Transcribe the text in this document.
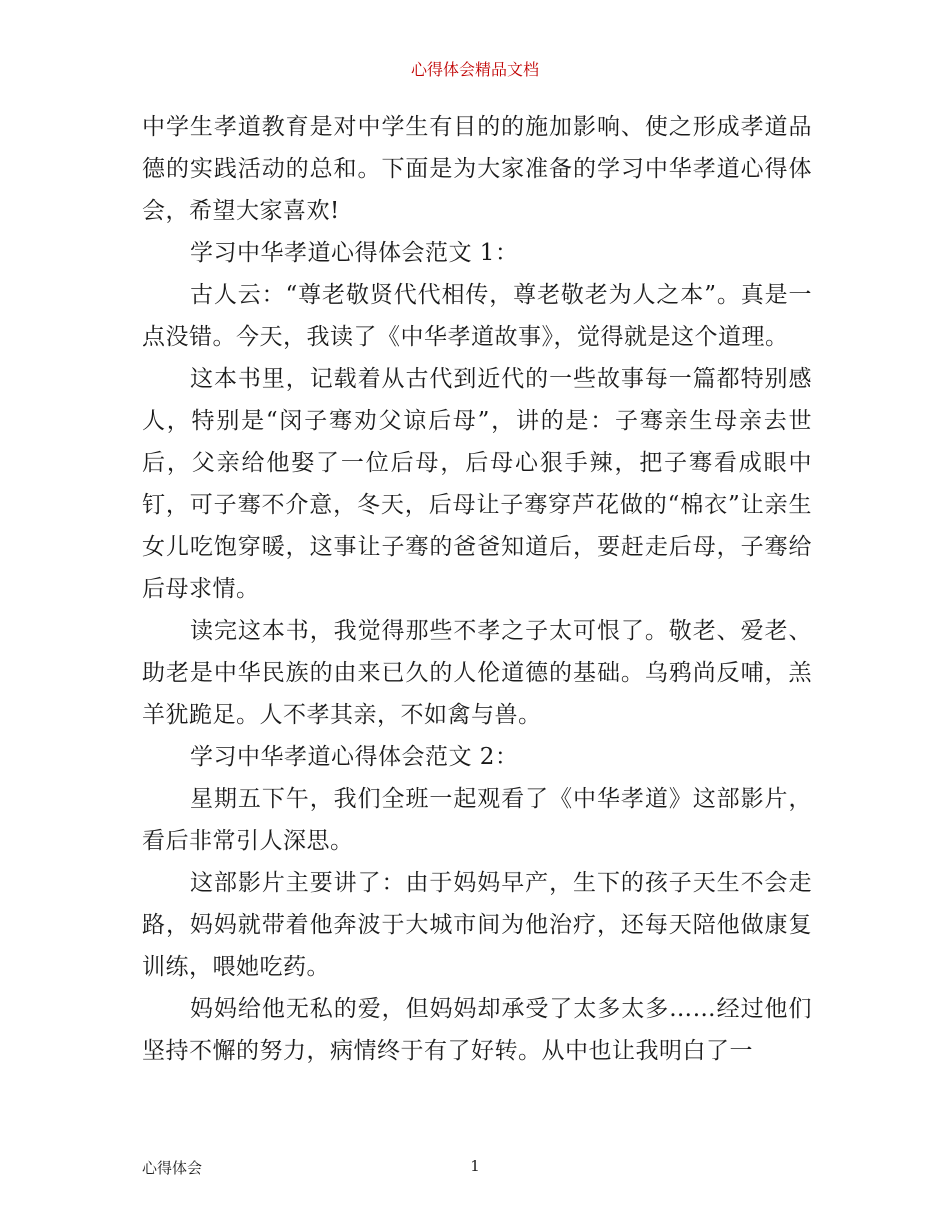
心得体会精品文档

中学生孝道教育是对中学生有目的的施加影响、使之形成孝道品德的实践活动的总和。下面是为大家准备的学习中华孝道心得体会，希望大家喜欢!

学习中华孝道心得体会范文 1：

古人云：“尊老敬贤代代相传，尊老敬老为人之本”。真是一点没错。今天，我读了《中华孝道故事》，觉得就是这个道理。

这本书里，记载着从古代到近代的一些故事每一篇都特别感人，特别是“闵子骞劝父谅后母”，讲的是：子骞亲生母亲去世后，父亲给他娶了一位后母，后母心狠手辣，把子骞看成眼中钉，可子骞不介意，冬天，后母让子骞穿芦花做的“棉衣”让亲生女儿吃饱穿暖，这事让子骞的爸爸知道后，要赶走后母，子骞给后母求情。

读完这本书，我觉得那些不孝之子太可恨了。敬老、爱老、助老是中华民族的由来已久的人伦道德的基础。乌鸦尚反哺，羔羊犹跪足。人不孝其亲，不如禽与兽。

学习中华孝道心得体会范文 2：

星期五下午，我们全班一起观看了《中华孝道》这部影片，看后非常引人深思。

这部影片主要讲了：由于妈妈早产，生下的孩子天生不会走路，妈妈就带着他奔波于大城市间为他治疗，还每天陪他做康复训练，喂她吃药。

妈妈给他无私的爱，但妈妈却承受了太多太多……经过他们坚持不懈的努力，病情终于有了好转。从中也让我明白了一

心得体会	1
